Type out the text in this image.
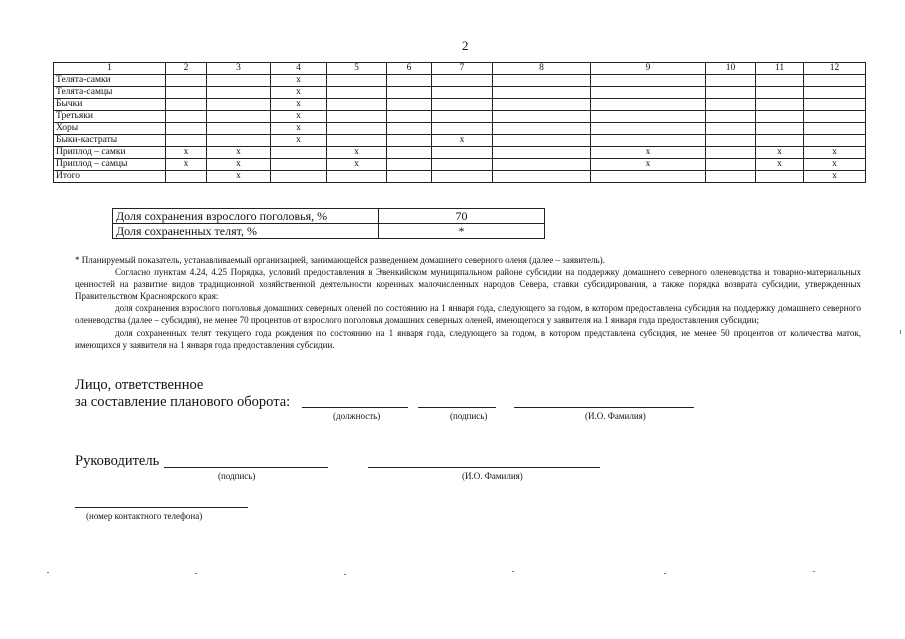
2
1	2	3	4	5	6	7	8	9	10	11	12
Телята-самки			x								
Телята-самцы			x								
Бычки			x								
Третьяки			x								
Хоры			x								
Быки-кастраты			x			x					
Приплод – самки	x	x		x				x		x	x
Приплод – самцы	x	x		x				x		x	x
Итого		x									x
Доля сохранения взрослого поголовья, %	70
Доля сохраненных телят, %	*

* Планируемый показатель, устанавливаемый организацией, занимающейся разведением домашнего северного оленя (далее – заявитель).

Согласно пунктам 4.24, 4.25 Порядка, условий предоставления в Эвенкийском муниципальном районе субсидии на поддержку домашнего северного оленеводства и товарно-материальных ценностей на развитие видов традиционной хозяйственной деятельности коренных малочисленных народов Севера, ставки субсидирования, а также порядка возврата субсидии, утвержденных Правительством Красноярского края:

доля сохранения взрослого поголовья домашних северных оленей по состоянию на 1 января года, следующего за годом, в котором предоставлена субсидия на поддержку домашнего северного оленеводства (далее – субсидия), не менее 70 процентов от взрослого поголовья домашних северных оленей, имеющегося у заявителя на 1 января года предоставления субсидии;

доля сохраненных телят текущего года рождения по состоянию на 1 января года, следующего за годом, в котором представлена субсидия, не менее 50 процентов от количества маток, имеющихся у заявителя на 1 января года предоставления субсидии.

Лицо, ответственное
за составление планового оборота:
(должность)	(подпись)	(И.О. Фамилия)
Руководитель
(подпись)	(И.О. Фамилия)
(номер контактного телефона)
